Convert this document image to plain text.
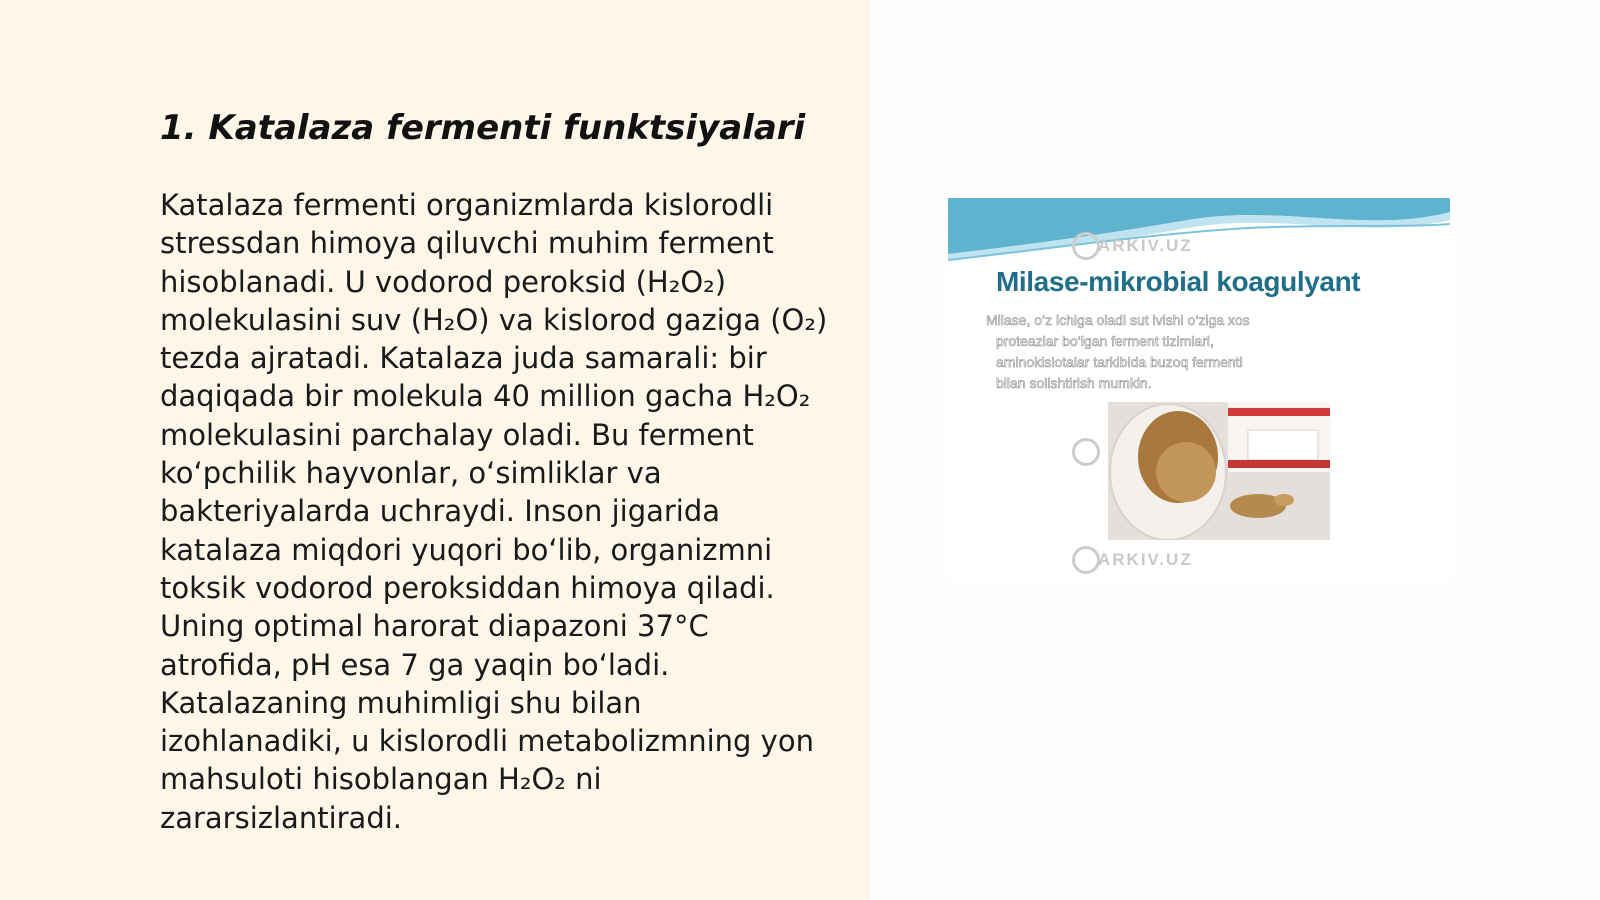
1. Katalaza fermenti funktsiyalari
Katalaza fermenti organizmlarda kislorodli
stressdan himoya qiluvchi muhim ferment
hisoblanadi. U vodorod peroksid (H₂O₂)
molekulasini suv (H₂O) va kislorod gaziga (O₂)
tezda ajratadi. Katalaza juda samarali: bir
daqiqada bir molekula 40 million gacha H₂O₂
molekulasini parchalay oladi. Bu ferment
ko‘pchilik hayvonlar, o‘simliklar va
bakteriyalarda uchraydi. Inson jigarida
katalaza miqdori yuqori bo‘lib, organizmni
toksik vodorod peroksiddan himoya qiladi.
Uning optimal harorat diapazoni 37°C
atrofida, pH esa 7 ga yaqin bo‘ladi.
Katalazaning muhimligi shu bilan
izohlanadiki, u kislorodli metabolizmning yon
mahsuloti hisoblangan H₂O₂ ni
zararsizlantiradi.
ARKIV.UZ
Milase-mikrobial koagulyant
Milase, o‘z ichiga oladi sut ivishi o‘ziga xos
proteazlar bo‘lgan ferment tizimlari,
aminokislotalar tarkibida buzoq fermenti
bilan solishtirish mumkin.
ARKIV.UZ
